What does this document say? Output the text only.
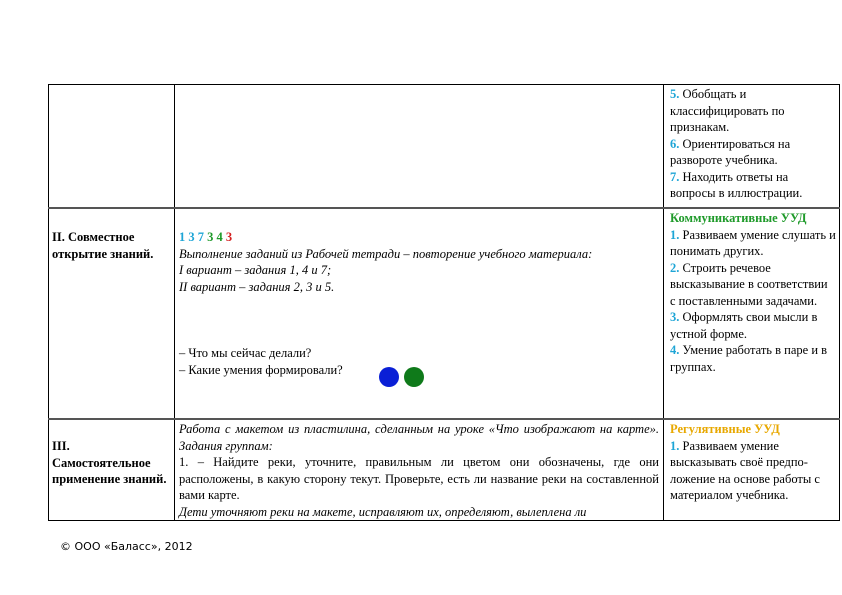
5. Обобщать и классифицировать по признакам.
6. Ориентироваться на развороте учебника.
7. Находить ответы на вопросы в иллюстрации.
II. Совместное открытие знаний.
1 3 7 3 4 3
Выполнение заданий из Рабочей тетради – повторение учебного материала:
I вариант – задания 1, 4 и 7;
II вариант – задания 2, 3 и 5.
– Что мы сейчас делали?
– Какие умения формировали?
Коммуникативные УУД
1. Развиваем умение слушать и понимать других.
2. Строить речевое высказывание в соответствии с поставленными задачами.
3. Оформлять свои мысли в устной форме.
4. Умение работать в паре и в группах.
III. Самостоятельное применение знаний.
Работа с макетом из пластилина, сделанным на уроке «Что изображают на карте». Задания группам:
1. – Найдите реки, уточните, правильным ли цветом они обозначены, где они расположены, в какую сторону текут. Проверьте, есть ли название реки на составленной вами карте.
Дети уточняют реки на макете, исправляют их, определяют, вылеплена ли
Регулятивные УУД
1. Развиваем умение высказывать своё предпо-ложение на основе работы с материалом учебника.
© ООО «Баласс», 2012
